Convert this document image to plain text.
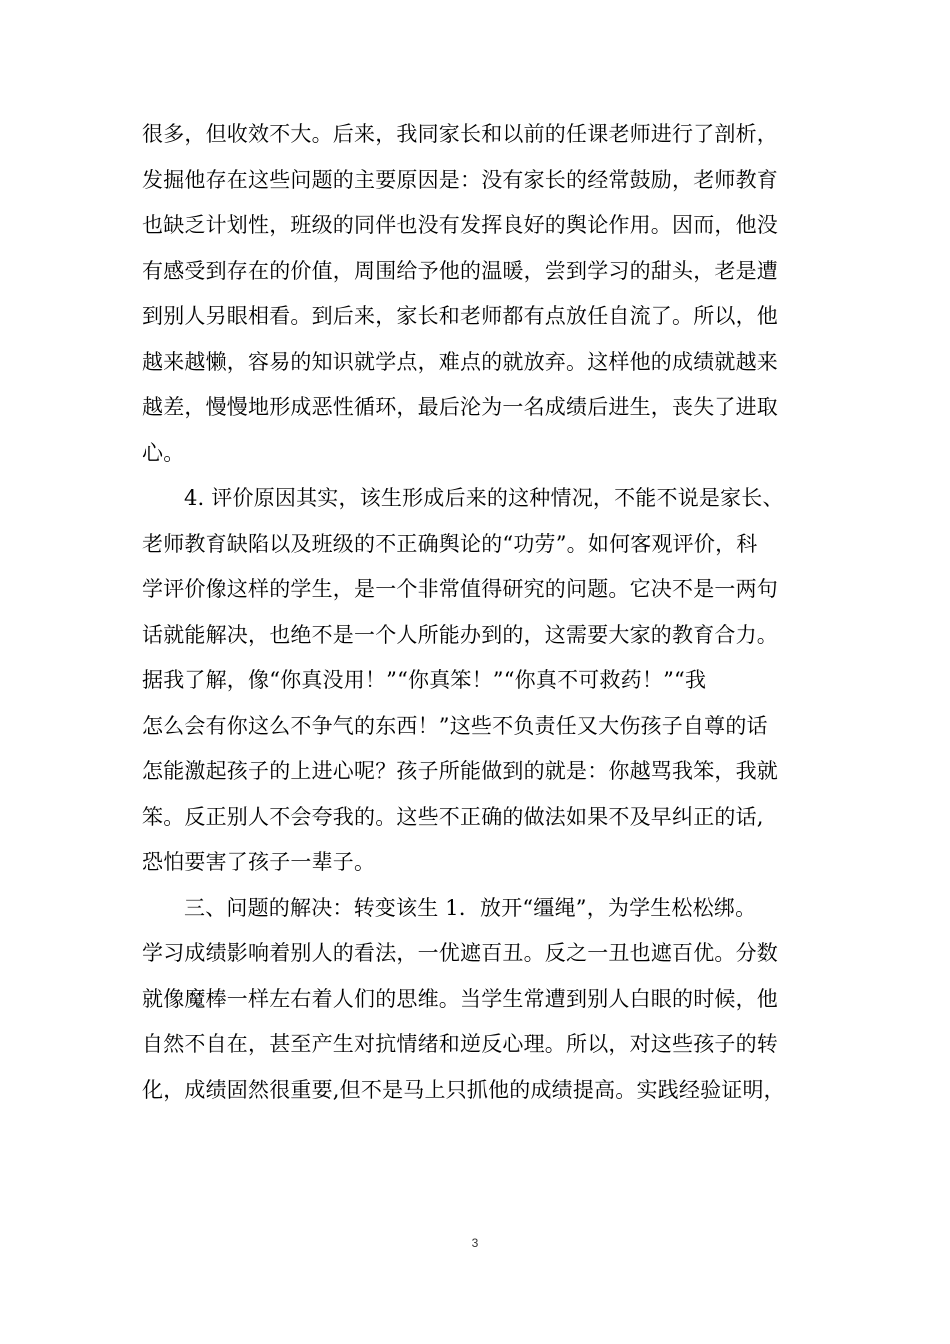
很多，但收效不大。后来，我同家长和以前的任课老师进行了剖析，
发掘他存在这些问题的主要原因是：没有家长的经常鼓励，老师教育
也缺乏计划性，班级的同伴也没有发挥良好的舆论作用。因而，他没
有感受到存在的价值，周围给予他的温暖，尝到学习的甜头，老是遭
到别人另眼相看。到后来，家长和老师都有点放任自流了。所以，他
越来越懒，容易的知识就学点，难点的就放弃。这样他的成绩就越来
越差，慢慢地形成恶性循环，最后沦为一名成绩后进生，丧失了进取
心。

4. 评价原因其实，该生形成后来的这种情况，不能不说是家长、
老师教育缺陷以及班级的不正确舆论的“功劳”。如何客观评价，科
学评价像这样的学生，是一个非常值得研究的问题。它决不是一两句
话就能解决，也绝不是一个人所能办到的，这需要大家的教育合力。
据我了解，像“你真没用！”“你真笨！”“你真不可救药！”“我
怎么会有你这么不争气的东西！”这些不负责任又大伤孩子自尊的话
怎能激起孩子的上进心呢？孩子所能做到的就是：你越骂我笨，我就
笨。反正别人不会夸我的。这些不正确的做法如果不及早纠正的话,
恐怕要害了孩子一辈子。

三、问题的解决：转变该生 1．放开“缰绳”，为学生松松绑。
学习成绩影响着别人的看法，一优遮百丑。反之一丑也遮百优。分数
就像魔棒一样左右着人们的思维。当学生常遭到别人白眼的时候，他
自然不自在，甚至产生对抗情绪和逆反心理。所以，对这些孩子的转
化，成绩固然很重要,但不是马上只抓他的成绩提高。实践经验证明，

3
